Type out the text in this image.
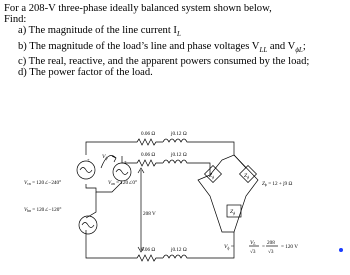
For a 208-V three-phase ideally balanced system shown below,
Find:
a) The magnitude of the line current $I_L$
b) The magnitude of the load’s line and phase voltages $V_{LL}$ and $V_{\phi L}$;
c) The real, reactive, and the apparent powers consumed by the load;
d) The power factor of the load.
+	+
0.06 Ω	j0.12 Ω
0.06 Ω	j0.12 Ω
0.06 Ω	j0.12 Ω
$Z_\phi$	$Z_\phi$
$Z_\phi$
$V_\phi$
$V_{cn}$ = 120∠−240°	$V_{an}$ = 120∠0°
$V_{bn}$ = 120∠−120°
208 V
$Z_\phi = 12 + j9$ Ω
$V_\phi$ =
$V_L$
√3
=
208
√3
= 120 V
